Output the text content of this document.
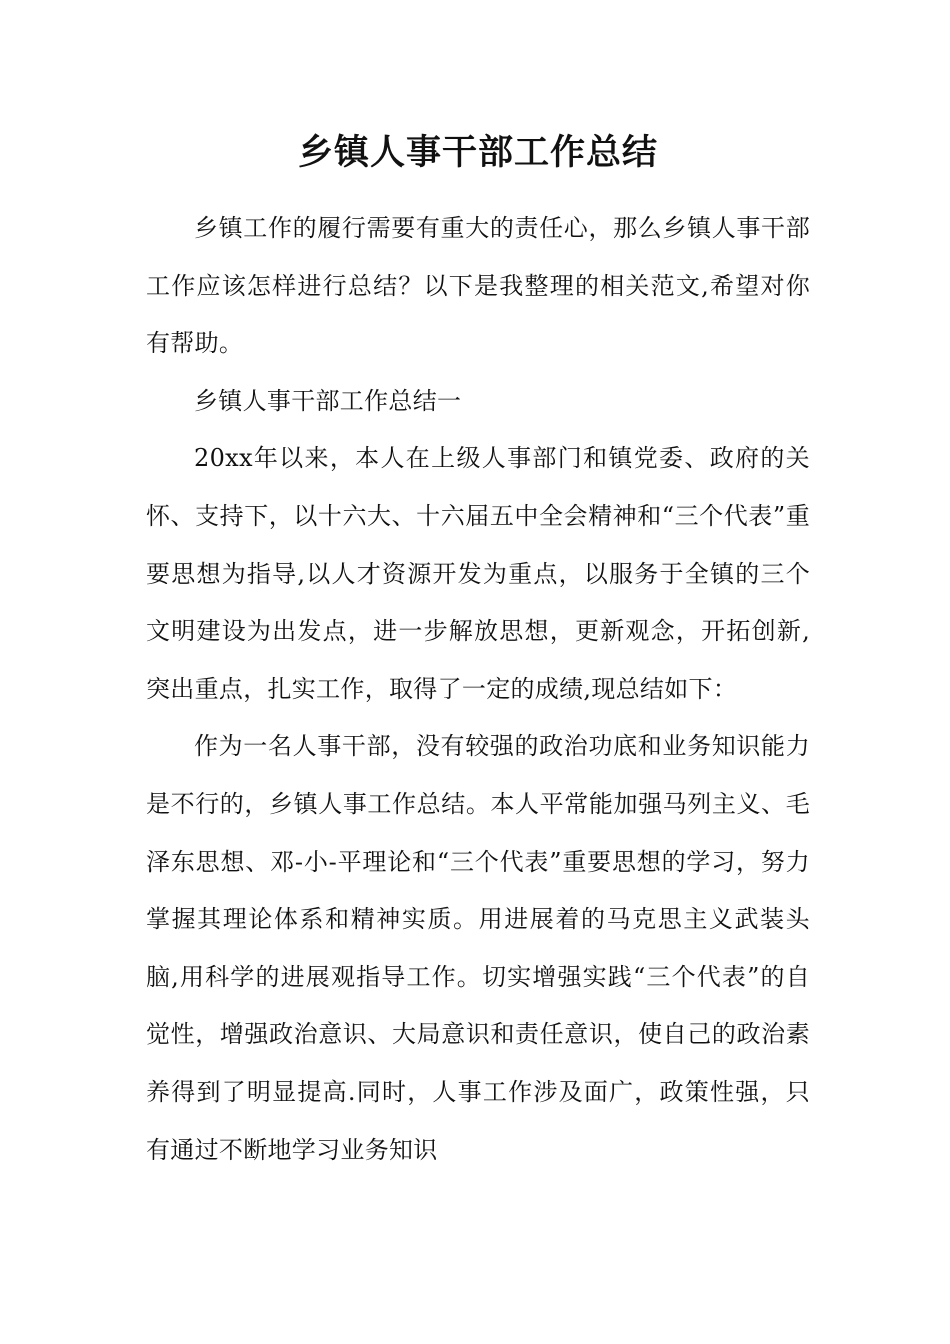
乡镇人事干部工作总结

乡镇工作的履行需要有重大的责任心，那么乡镇人事干部工作应该怎样进行总结？以下是我整理的相关范文,希望对你有帮助。

乡镇人事干部工作总结一

20xx年以来，本人在上级人事部门和镇党委、政府的关怀、支持下，以十六大、十六届五中全会精神和“三个代表”重要思想为指导,以人才资源开发为重点，以服务于全镇的三个文明建设为出发点，进一步解放思想，更新观念，开拓创新,突出重点，扎实工作，取得了一定的成绩,现总结如下：

作为一名人事干部，没有较强的政治功底和业务知识能力是不行的，乡镇人事工作总结。本人平常能加强马列主义、毛泽东思想、邓-小-平理论和“三个代表”重要思想的学习，努力掌握其理论体系和精神实质。用进展着的马克思主义武装头脑,用科学的进展观指导工作。切实增强实践“三个代表”的自觉性，增强政治意识、大局意识和责任意识，使自己的政治素养得到了明显提高.同时，人事工作涉及面广，政策性强，只有通过不断地学习业务知识
